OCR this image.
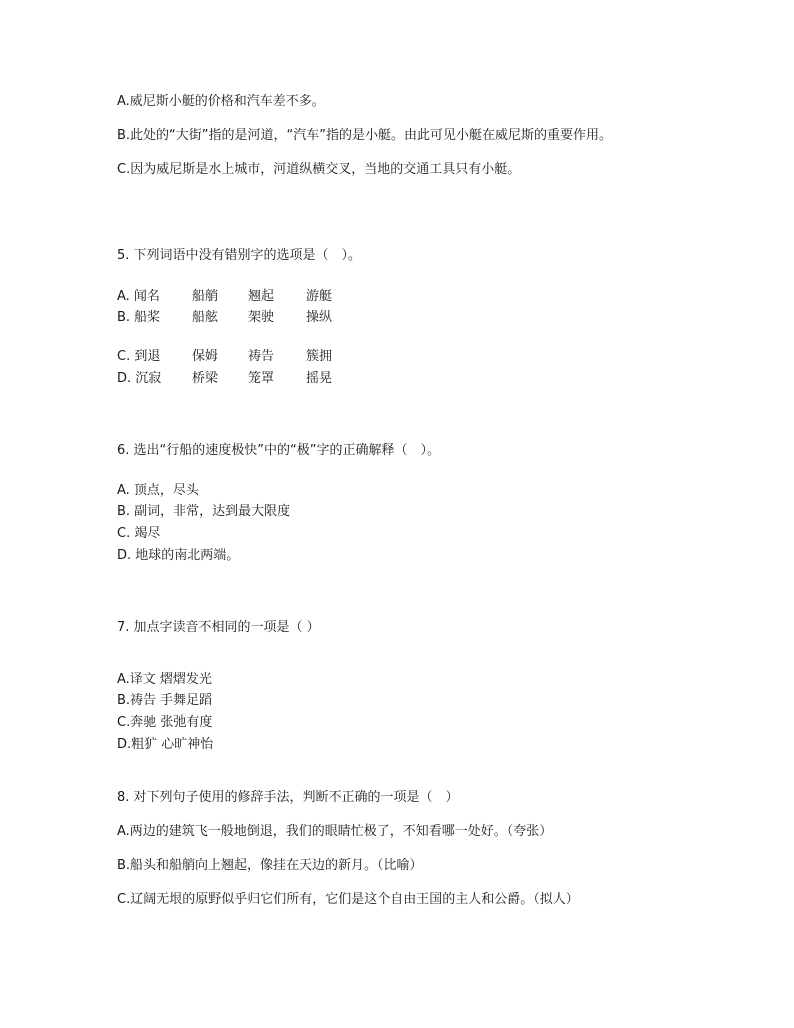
A.威尼斯小艇的价格和汽车差不多。
B.此处的“大街”指的是河道，“汽车”指的是小艇。由此可见小艇在威尼斯的重要作用。
C.因为威尼斯是水上城市，河道纵横交叉，当地的交通工具只有小艇。
5. 下列词语中没有错别字的选项是（　）。
A. 闻名 船艄 翘起 游艇
B. 船桨 船舷 架驶 操纵
C. 到退 保姆 祷告 簇拥
D. 沉寂 桥梁 笼罩 摇晃
6. 选出“行船的速度极快”中的“极”字的正确解释（　）。
A. 顶点，尽头
B. 副词，非常，达到最大限度
C. 竭尽
D. 地球的南北两端。
7. 加点字读音不相同的一项是（ ）
A.译文 熠熠发光
B.祷告 手舞足蹈
C.奔驰 张弛有度
D.粗犷 心旷神怡
8. 对下列句子使用的修辞手法，判断不正确的一项是（　）
A.两边的建筑飞一般地倒退，我们的眼睛忙极了，不知看哪一处好。（夸张）
B.船头和船艄向上翘起，像挂在天边的新月。（比喻）
C.辽阔无垠的原野似乎归它们所有，它们是这个自由王国的主人和公爵。（拟人）
